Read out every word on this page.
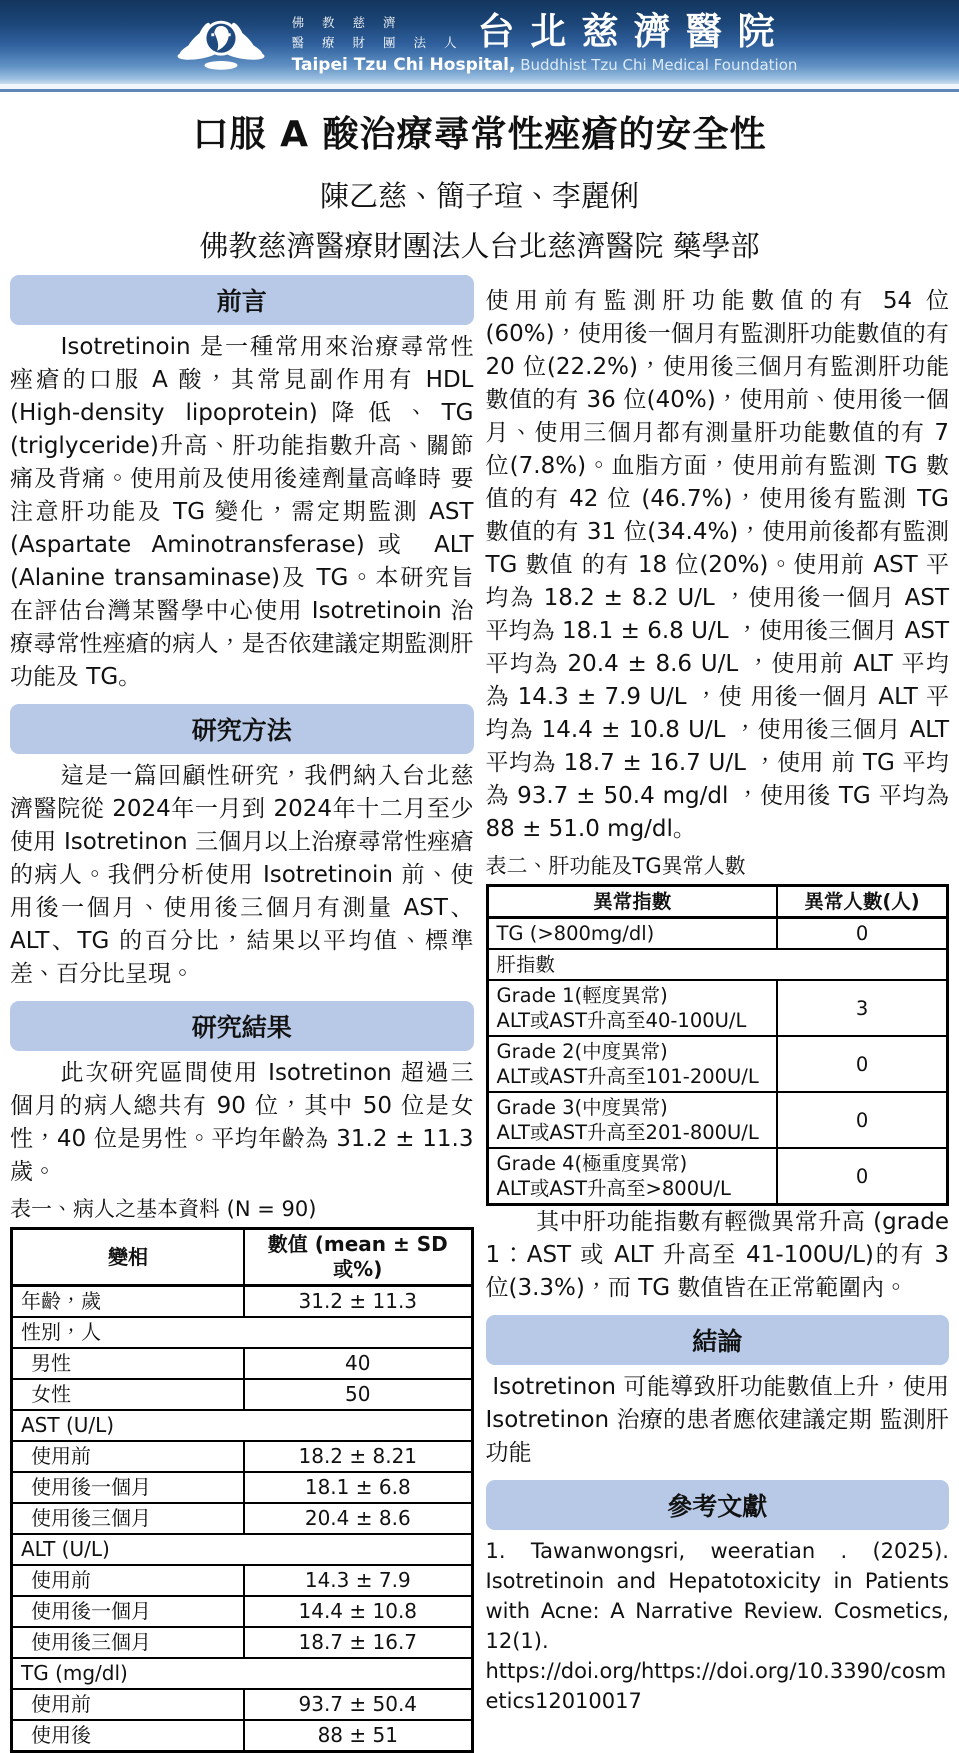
佛 教 慈 濟
醫 療 財 團 法 人 台北慈濟醫院
Taipei Tzu Chi Hospital, Buddhist Tzu Chi Medical Foundation
口服 A 酸治療尋常性痤瘡的安全性
陳乙慈、簡子瑄、李麗俐
佛教慈濟醫療財團法人台北慈濟醫院 藥學部
前言

Isotretinoin 是一種常用來治療尋常性痤瘡的口服 A 酸，其常見副作用有 HDL (High-density lipoprotein)降低、TG (triglyceride)升高、肝功能指數升高、關節痛及背痛。使用前及使用後達劑量高峰時 要注意肝功能及 TG 變化，需定期監測 AST (Aspartate Aminotransferase)或 ALT (Alanine transaminase)及 TG。本研究旨在評估台灣某醫學中心使用 Isotretinoin 治療尋常性痤瘡的病人，是否依建議定期監測肝功能及 TG。

研究方法

這是一篇回顧性研究，我們納入台北慈濟醫院從 2024年一月到 2024年十二月至少使用 Isotretinon 三個月以上治療尋常性痤瘡的病人。我們分析使用 Isotretinoin 前、使用後一個月、使用後三個月有測量 AST、ALT、TG 的百分比，結果以平均值、標準差、百分比呈現。

研究結果

此次研究區間使用 Isotretinon 超過三個月的病人總共有 90 位，其中 50 位是女性，40 位是男性。平均年齡為 31.2 ± 11.3 歲。

表一、病人之基本資料 (N = 90)
變相	數值 (mean ± SD 或%)
年齡，歲	31.2 ± 11.3
性別，人	
男性	40
女性	50
AST (U/L)	
使用前	18.2 ± 8.21
使用後一個月	18.1 ± 6.8
使用後三個月	20.4 ± 8.6
ALT (U/L)	
使用前	14.3 ± 7.9
使用後一個月	14.4 ± 10.8
使用後三個月	18.7 ± 16.7
TG (mg/dl)	
使用前	93.7 ± 50.4
使用後	88 ± 51

使用前有監測肝功能數值的有 54 位 (60%)，使用後一個月有監測肝功能數值的有 20 位(22.2%)，使用後三個月有監測肝功能數值的有 36 位(40%)，使用前、使用後一個月、使用三個月都有測量肝功能數值的有 7 位(7.8%)。血脂方面，使用前有監測 TG 數值的有 42 位 (46.7%)，使用後有監測 TG 數值的有 31 位(34.4%)，使用前後都有監測 TG 數值 的有 18 位(20%)。使用前 AST 平均為 18.2 ± 8.2 U/L ，使用後一個月 AST 平均為 18.1 ± 6.8 U/L ，使用後三個月 AST 平均為 20.4 ± 8.6 U/L ，使用前 ALT 平均為 14.3 ± 7.9 U/L ，使 用後一個月 ALT 平均為 14.4 ± 10.8 U/L ，使用後三個月 ALT 平均為 18.7 ± 16.7 U/L ，使用 前 TG 平均為 93.7 ± 50.4 mg/dl ，使用後 TG 平均為 88 ± 51.0 mg/dl。

表二、肝功能及TG異常人數
異常指數	異常人數(人)
TG (>800mg/dl)	0
肝指數	

Grade 1(輕度異常)
ALT或AST升高至40-100U/L	3

Grade 2(中度異常)
ALT或AST升高至101-200U/L	0

Grade 3(中度異常)
ALT或AST升高至201-800U/L	0

Grade 4(極重度異常)
ALT或AST升高至>800U/L	0

其中肝功能指數有輕微異常升高 (grade 1：AST 或 ALT 升高至 41-100U/L)的有 3 位(3.3%)，而 TG 數值皆在正常範圍內。

結論

Isotretinon 可能導致肝功能數值上升，使用 Isotretinon 治療的患者應依建議定期 監測肝功能

參考文獻

1. Tawanwongsri, weeratian . (2025). Isotretinoin and Hepatotoxicity in Patients with Acne: A Narrative Review. Cosmetics, 12(1). https://doi.org/https://doi.org/10.3390/cosmetics12010017
